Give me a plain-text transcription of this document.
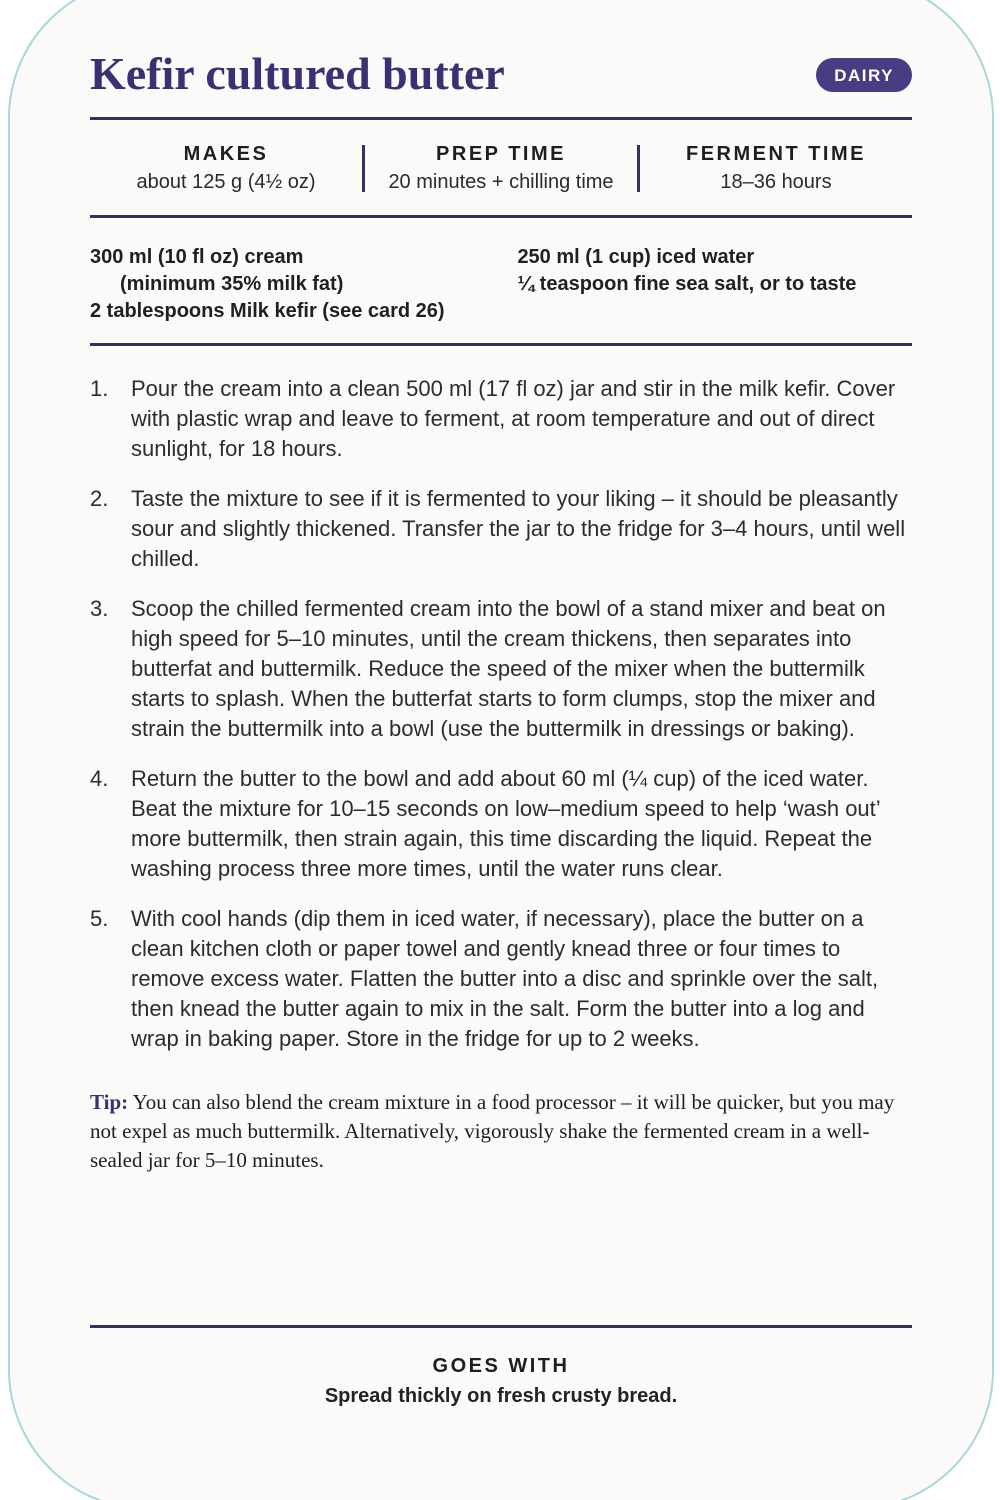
Kefir cultured butter	DAIRY
MAKES
about 125 g (4½ oz)
PREP TIME
20 minutes + chilling time
FERMENT TIME
18–36 hours
300 ml (10 fl oz) cream
(minimum 35% milk fat)
2 tablespoons Milk kefir (see card 26)
250 ml (1 cup) iced water
¼ teaspoon fine sea salt, or to taste
1.	Pour the cream into a clean 500 ml (17 fl oz) jar and stir in the milk kefir. Cover with plastic wrap and leave to ferment, at room temperature and out of direct sunlight, for 18 hours.

2.	Taste the mixture to see if it is fermented to your liking – it should be pleasantly sour and slightly thickened. Transfer the jar to the fridge for 3–4 hours, until well chilled.

3.	Scoop the chilled fermented cream into the bowl of a stand mixer and beat on high speed for 5–10 minutes, until the cream thickens, then separates into butterfat and buttermilk. Reduce the speed of the mixer when the buttermilk starts to splash. When the butterfat starts to form clumps, stop the mixer and strain the buttermilk into a bowl (use the buttermilk in dressings or baking).

4.	Return the butter to the bowl and add about 60 ml (¼ cup) of the iced water. Beat the mixture for 10–15 seconds on low–medium speed to help ‘wash out’ more buttermilk, then strain again, this time discarding the liquid. Repeat the washing process three more times, until the water runs clear.

5.	With cool hands (dip them in iced water, if necessary), place the butter on a clean kitchen cloth or paper towel and gently knead three or four times to remove excess water. Flatten the butter into a disc and sprinkle over the salt, then knead the butter again to mix in the salt. Form the butter into a log and wrap in baking paper. Store in the fridge for up to 2 weeks.

Tip: You can also blend the cream mixture in a food processor – it will be quicker, but you may not expel as much buttermilk. Alternatively, vigorously shake the fermented cream in a well-sealed jar for 5–10 minutes.

GOES WITH
Spread thickly on fresh crusty bread.
